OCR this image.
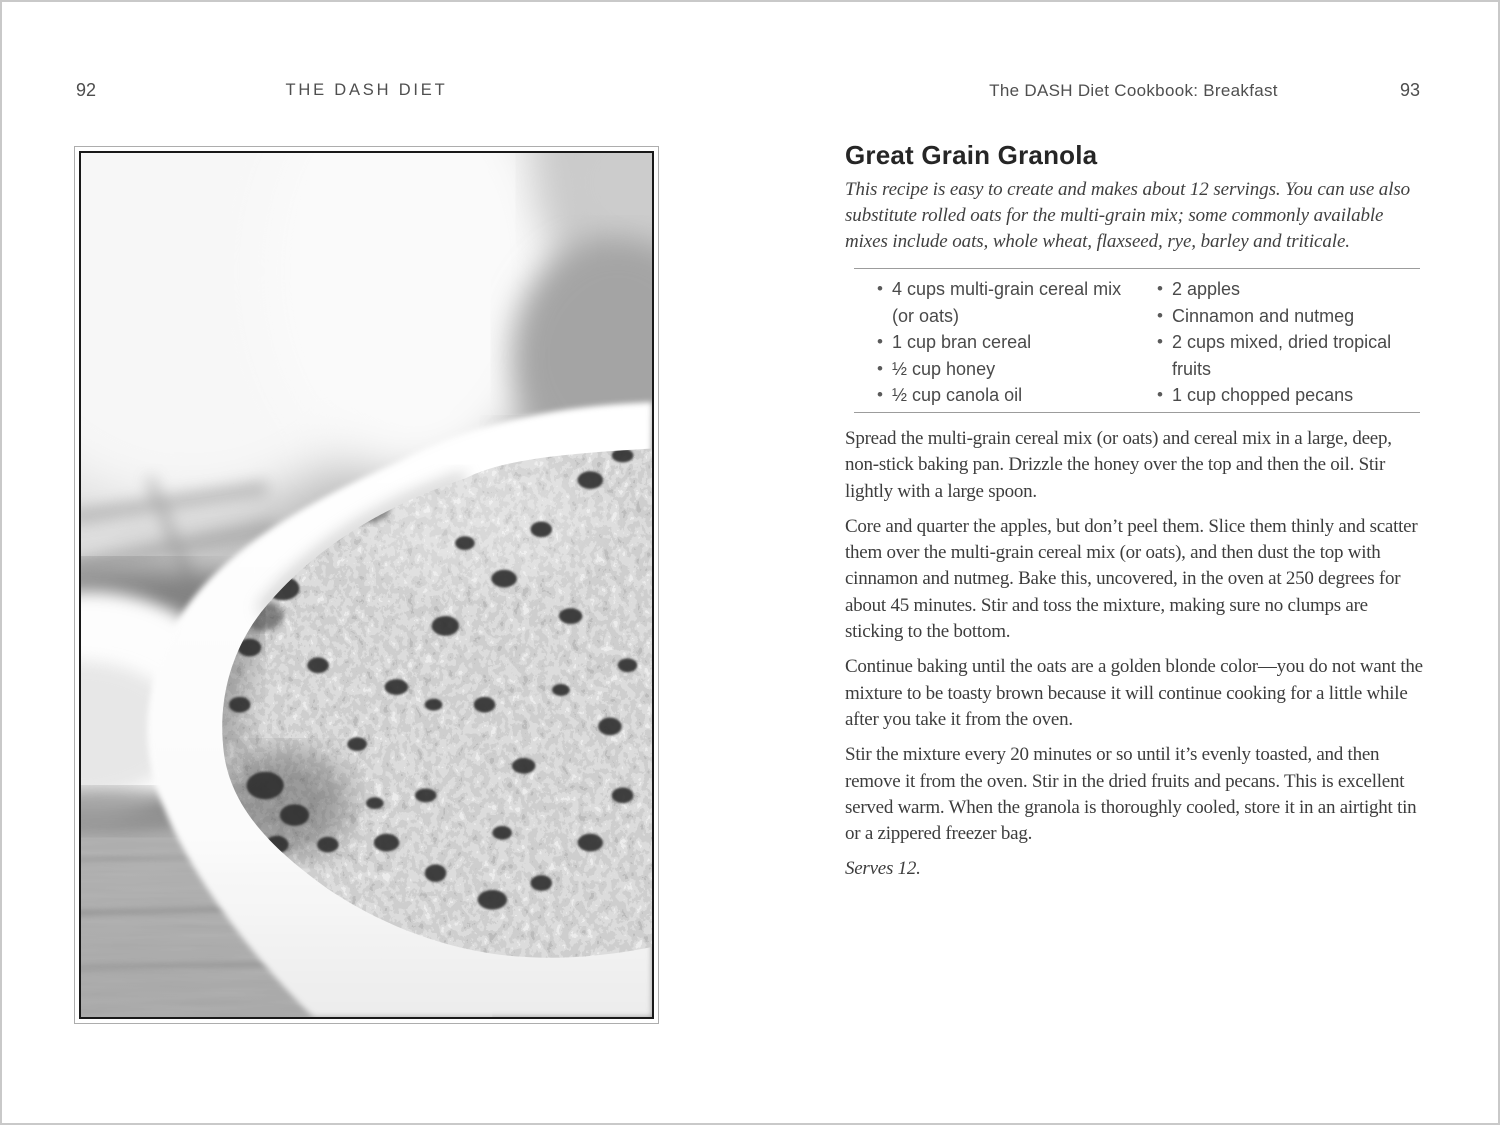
92	THE DASH DIET	The DASH Diet Cookbook: Breakfast	93
Great Grain Granola

This recipe is easy to create and makes about 12 servings. You can use also substitute rolled oats for the multi-grain mix; some commonly available mixes include oats, whole wheat, flaxseed, rye, barley and triticale.

• 4 cups multi-grain cereal mix (or oats)
• 1 cup bran cereal
• ½ cup honey
• ½ cup canola oil
• 2 apples
• Cinnamon and nutmeg
• 2 cups mixed, dried tropical fruits
• 1 cup chopped pecans

Spread the multi-grain cereal mix (or oats) and cereal mix in a large, deep, non-stick baking pan. Drizzle the honey over the top and then the oil. Stir lightly with a large spoon.

Core and quarter the apples, but don’t peel them. Slice them thinly and scatter them over the multi-grain cereal mix (or oats), and then dust the top with cinnamon and nutmeg. Bake this, uncovered, in the oven at 250 degrees for about 45 minutes. Stir and toss the mixture, making sure no clumps are sticking to the bottom.

Continue baking until the oats are a golden blonde color—you do not want the mixture to be toasty brown because it will continue cooking for a little while after you take it from the oven.

Stir the mixture every 20 minutes or so until it’s evenly toasted, and then remove it from the oven. Stir in the dried fruits and pecans. This is excellent served warm. When the granola is thoroughly cooled, store it in an airtight tin or a zippered freezer bag.

Serves 12.
